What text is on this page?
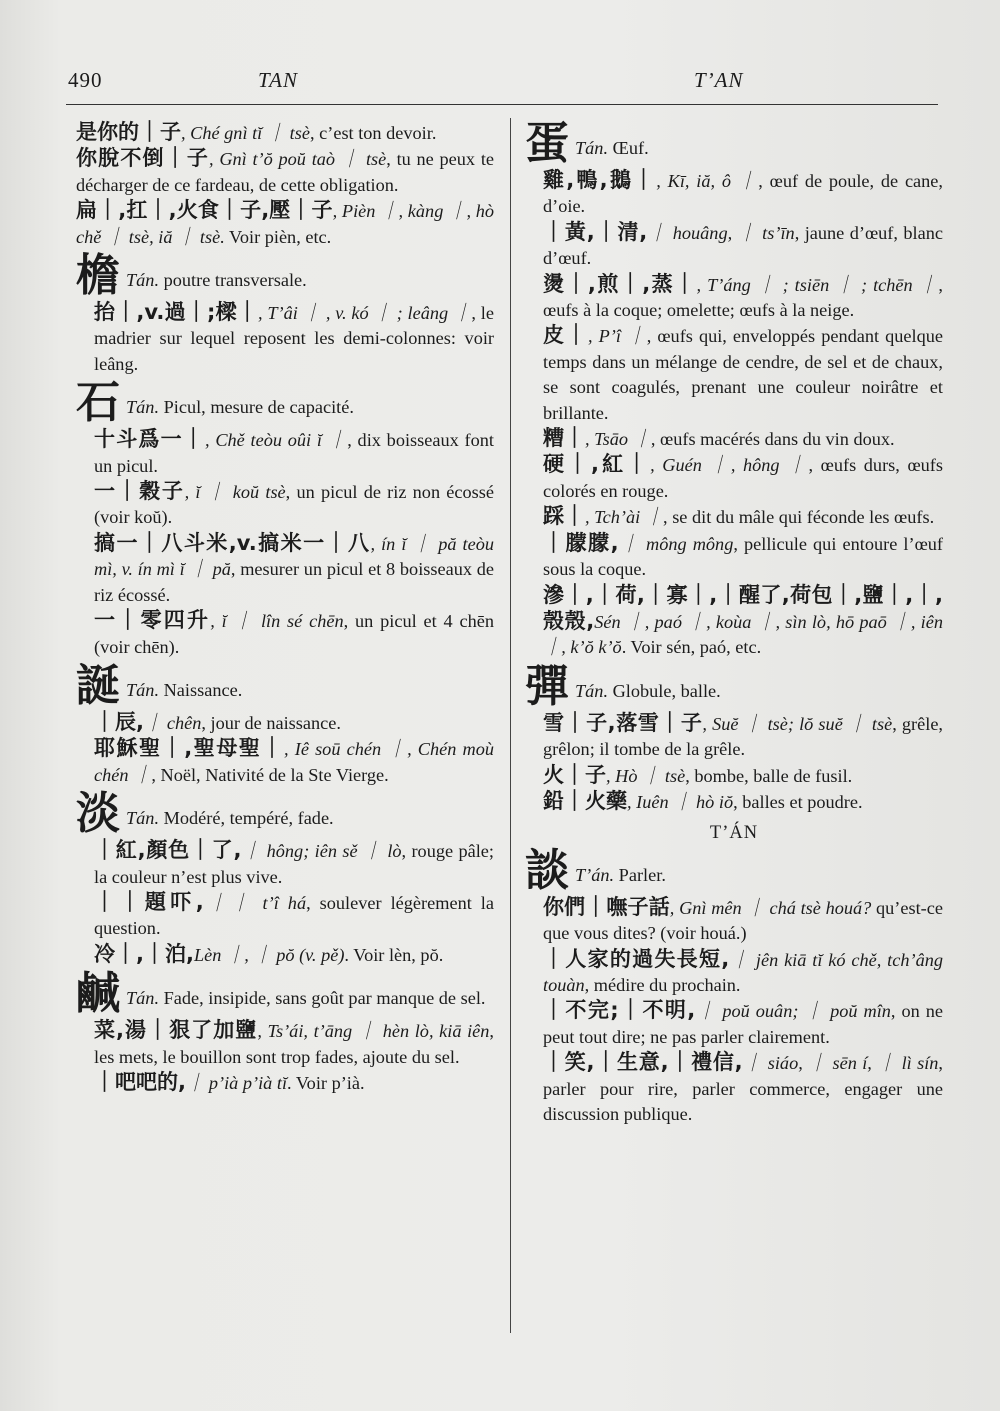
490	TAN	T’AN
是你的｜子, Ché gnì tĭ ｜ tsè, c’est ton devoir.
你脫不倒｜子, Gnì t’ŏ poŭ taò ｜ tsè, tu ne peux te décharger de ce fardeau, de cette obligation.
扁｜,扛｜,火食｜子,壓｜子, Pièn ｜, kàng ｜, hò chě ｜ tsè, iă ｜ tsè. Voir pièn, etc.
檐 Tán. poutre transversale.
抬｜,v.過｜;樑｜, T’âi ｜ , v. kó ｜ ; leâng ｜, le madrier sur lequel reposent les demi-colonnes: voir leâng.
石 Tán. Picul, mesure de capacité.
十斗爲一｜, Chě teòu oûi ĭ ｜, dix boisseaux font un picul.
一｜穀子, ĭ ｜ koŭ tsè, un picul de riz non écossé (voir koŭ).
搞一｜八斗米,v.搞米一｜八, ín ĭ ｜ pă teòu mì, v. ín mì ĭ ｜ pă, mesurer un picul et 8 boisseaux de riz écossé.
一｜零四升, ĭ ｜ lîn sé chēn, un picul et 4 chēn (voir chēn).
誕 Tán. Naissance.
｜辰,｜ chên, jour de naissance.
耶穌聖｜,聖母聖｜, Iê soū chén ｜, Chén moù chén ｜, Noël, Nativité de la Ste Vierge.
淡 Tán. Modéré, tempéré, fade.
｜紅,顏色｜了,｜ hông; iên sě ｜ lò, rouge pâle; la couleur n’est plus vive.
｜｜題吓,｜｜ t’î há, soulever légèrement la question.
冷｜,｜泊,Lèn ｜, ｜ pŏ (v. pě). Voir lèn, pŏ.
鹹 Tán. Fade, insipide, sans goût par manque de sel.
菜,湯｜狠了加鹽, Ts’ái, t’āng ｜ hèn lò, kiā iên, les mets, le bouillon sont trop fades, ajoute du sel.
｜吧吧的,｜ p’ià p’ià tĭ. Voir p’ià.
蛋 Tán. Œuf.
雞,鴨,鵝｜, Kī, iă, ô ｜, œuf de poule, de cane, d’oie.
｜黃,｜清,｜ houâng, ｜ ts’īn, jaune d’œuf, blanc d’œuf.
燙｜,煎｜,蒸｜, T’áng ｜ ; tsiēn ｜ ; tchēn ｜, œufs à la coque; omelette; œufs à la neige.
皮｜, P’î ｜, œufs qui, enveloppés pendant quelque temps dans un mélange de cendre, de sel et de chaux, se sont coagulés, prenant une couleur noirâtre et brillante.
糟｜, Tsāo ｜, œufs macérés dans du vin doux.
硬｜,紅｜, Guén ｜, hông ｜, œufs durs, œufs colorés en rouge.
踩｜, Tch’ài ｜, se dit du mâle qui féconde les œufs.
｜朦朦,｜ mông mông, pellicule qui entoure l’œuf sous la coque.
滲｜,｜荷,｜寡｜,｜醒了,荷包｜,鹽｜,｜,殼殼,Sén ｜, paó ｜, koùa ｜, sìn lò, hō paō ｜, iên ｜, k’ŏ k’ŏ. Voir sén, paó, etc.
彈 Tán. Globule, balle.
雪｜子,落雪｜子, Suĕ ｜ tsè; lŏ suĕ ｜ tsè, grêle, grêlon; il tombe de la grêle.
火｜子, Hò ｜ tsè, bombe, balle de fusil.
鉛｜火藥, Iuên ｜ hò iŏ, balles et poudre.
T’ÁN
談 T’án. Parler.
你們｜嘸子話, Gnì mên ｜ chá tsè houá? qu’est-ce que vous dites? (voir houá.)
｜人家的過失長短,｜ jên kiā tĭ kó chě, tch’âng touàn, médire du prochain.
｜不完;｜不明,｜ poŭ ouân; ｜ poŭ mîn, on ne peut tout dire; ne pas parler clairement.
｜笑,｜生意,｜禮信,｜ siáo, ｜ sēn í, ｜ lì sín, parler pour rire, parler commerce, engager une discussion publique.
